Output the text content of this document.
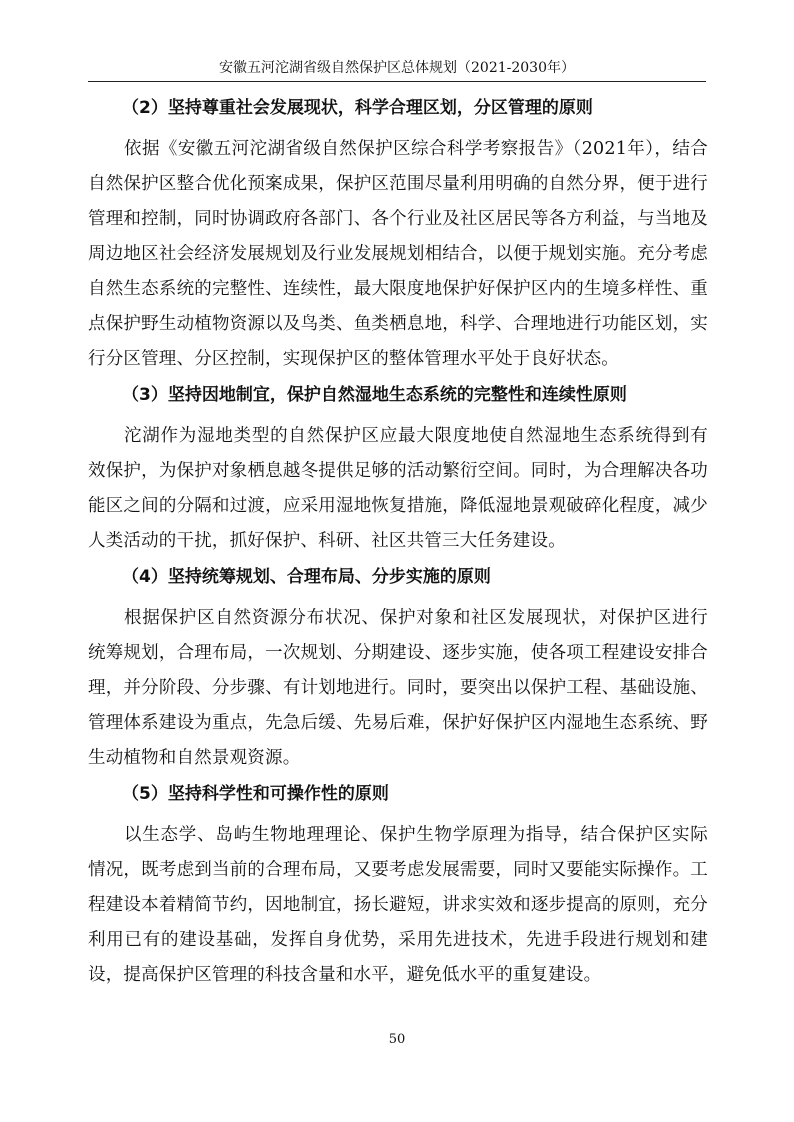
安徽五河沱湖省级自然保护区总体规划（2021-2030年）
（2）坚持尊重社会发展现状，科学合理区划，分区管理的原则

依据《安徽五河沱湖省级自然保护区综合科学考察报告》（2021年），结合自然保护区整合优化预案成果，保护区范围尽量利用明确的自然分界，便于进行管理和控制，同时协调政府各部门、各个行业及社区居民等各方利益，与当地及周边地区社会经济发展规划及行业发展规划相结合，以便于规划实施。充分考虑自然生态系统的完整性、连续性，最大限度地保护好保护区内的生境多样性、重点保护野生动植物资源以及鸟类、鱼类栖息地，科学、合理地进行功能区划，实行分区管理、分区控制，实现保护区的整体管理水平处于良好状态。

（3）坚持因地制宜，保护自然湿地生态系统的完整性和连续性原则

沱湖作为湿地类型的自然保护区应最大限度地使自然湿地生态系统得到有效保护，为保护对象栖息越冬提供足够的活动繁衍空间。同时，为合理解决各功能区之间的分隔和过渡，应采用湿地恢复措施，降低湿地景观破碎化程度，减少人类活动的干扰，抓好保护、科研、社区共管三大任务建设。

（4）坚持统筹规划、合理布局、分步实施的原则

根据保护区自然资源分布状况、保护对象和社区发展现状，对保护区进行统筹规划，合理布局，一次规划、分期建设、逐步实施，使各项工程建设安排合理，并分阶段、分步骤、有计划地进行。同时，要突出以保护工程、基础设施、管理体系建设为重点，先急后缓、先易后难，保护好保护区内湿地生态系统、野生动植物和自然景观资源。

（5）坚持科学性和可操作性的原则

以生态学、岛屿生物地理理论、保护生物学原理为指导，结合保护区实际情况，既考虑到当前的合理布局，又要考虑发展需要，同时又要能实际操作。工程建设本着精简节约，因地制宜，扬长避短，讲求实效和逐步提高的原则，充分利用已有的建设基础，发挥自身优势，采用先进技术，先进手段进行规划和建设，提高保护区管理的科技含量和水平，避免低水平的重复建设。

50
